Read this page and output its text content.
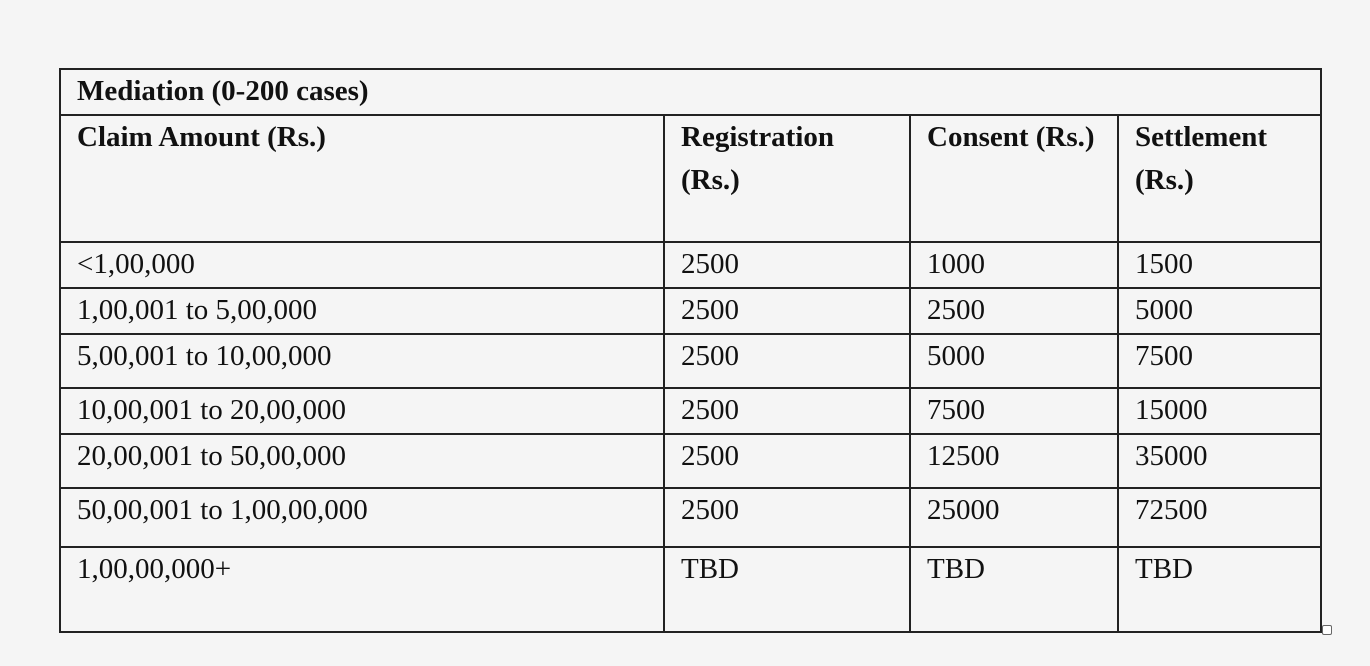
Mediation (0-200 cases)			
Claim Amount (Rs.)	Registration (Rs.)	Consent (Rs.)	Settlement (Rs.)
<1,00,000	2500	1000	1500
1,00,001 to 5,00,000	2500	2500	5000
5,00,001 to 10,00,000	2500	5000	7500
10,00,001 to 20,00,000	2500	7500	15000
20,00,001 to 50,00,000	2500	12500	35000
50,00,001 to 1,00,00,000	2500	25000	72500
1,00,00,000+	TBD	TBD	TBD
